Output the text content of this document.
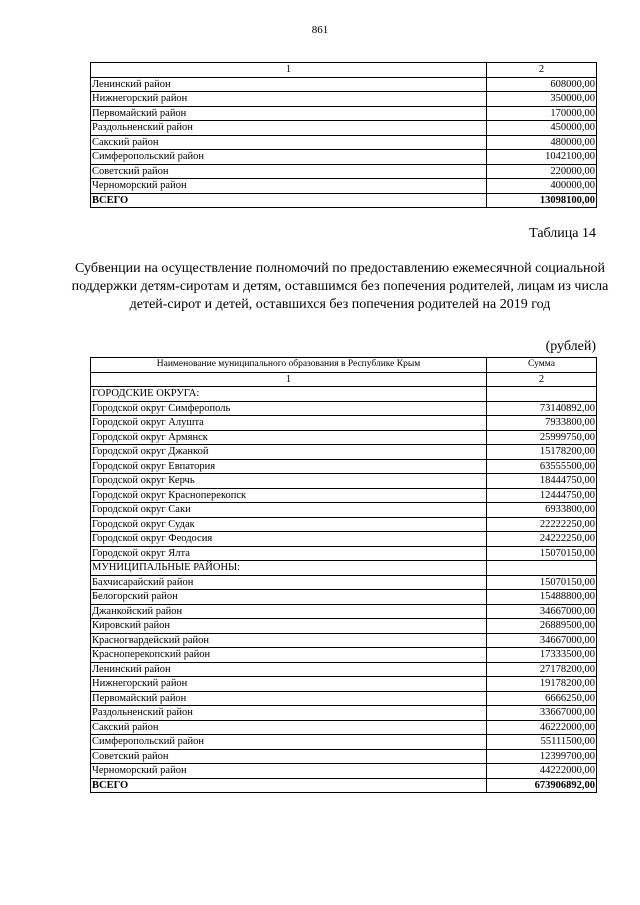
861
1	2
Ленинский район	608000,00
Нижнегорский район	350000,00
Первомайский район	170000,00
Раздольненский район	450000,00
Сакский район	480000,00
Симферопольский район	1042100,00
Советский район	220000,00
Черноморский район	400000,00
ВСЕГО	13098100,00
Таблица 14
Субвенции на осуществление полномочий по предоставлению ежемесячной социальной поддержки детям-сиротам и детям, оставшимся без попечения родителей, лицам из числа детей-сирот и детей, оставшихся без попечения родителей на 2019 год
(рублей)
Наименование муниципального образования в Республике Крым	Сумма
1	2
ГОРОДСКИЕ ОКРУГА:	
Городской округ Симферополь	73140892,00
Городской округ Алушта	7933800,00
Городской округ Армянск	25999750,00
Городской округ Джанкой	15178200,00
Городской округ Евпатория	63555500,00
Городской округ Керчь	18444750,00
Городской округ Красноперекопск	12444750,00
Городской округ Саки	6933800,00
Городской округ Судак	22222250,00
Городской округ Феодосия	24222250,00
Городской округ Ялта	15070150,00
МУНИЦИПАЛЬНЫЕ РАЙОНЫ:	
Бахчисарайский район	15070150,00
Белогорский район	15488800,00
Джанкойский район	34667000,00
Кировский район	26889500,00
Красногвардейский район	34667000,00
Красноперекопский район	17333500,00
Ленинский район	27178200,00
Нижнегорский район	19178200,00
Первомайский район	6666250,00
Раздольненский район	33667000,00
Сакский район	46222000,00
Симферопольский район	55111500,00
Советский район	12399700,00
Черноморский район	44222000,00
ВСЕГО	673906892,00
